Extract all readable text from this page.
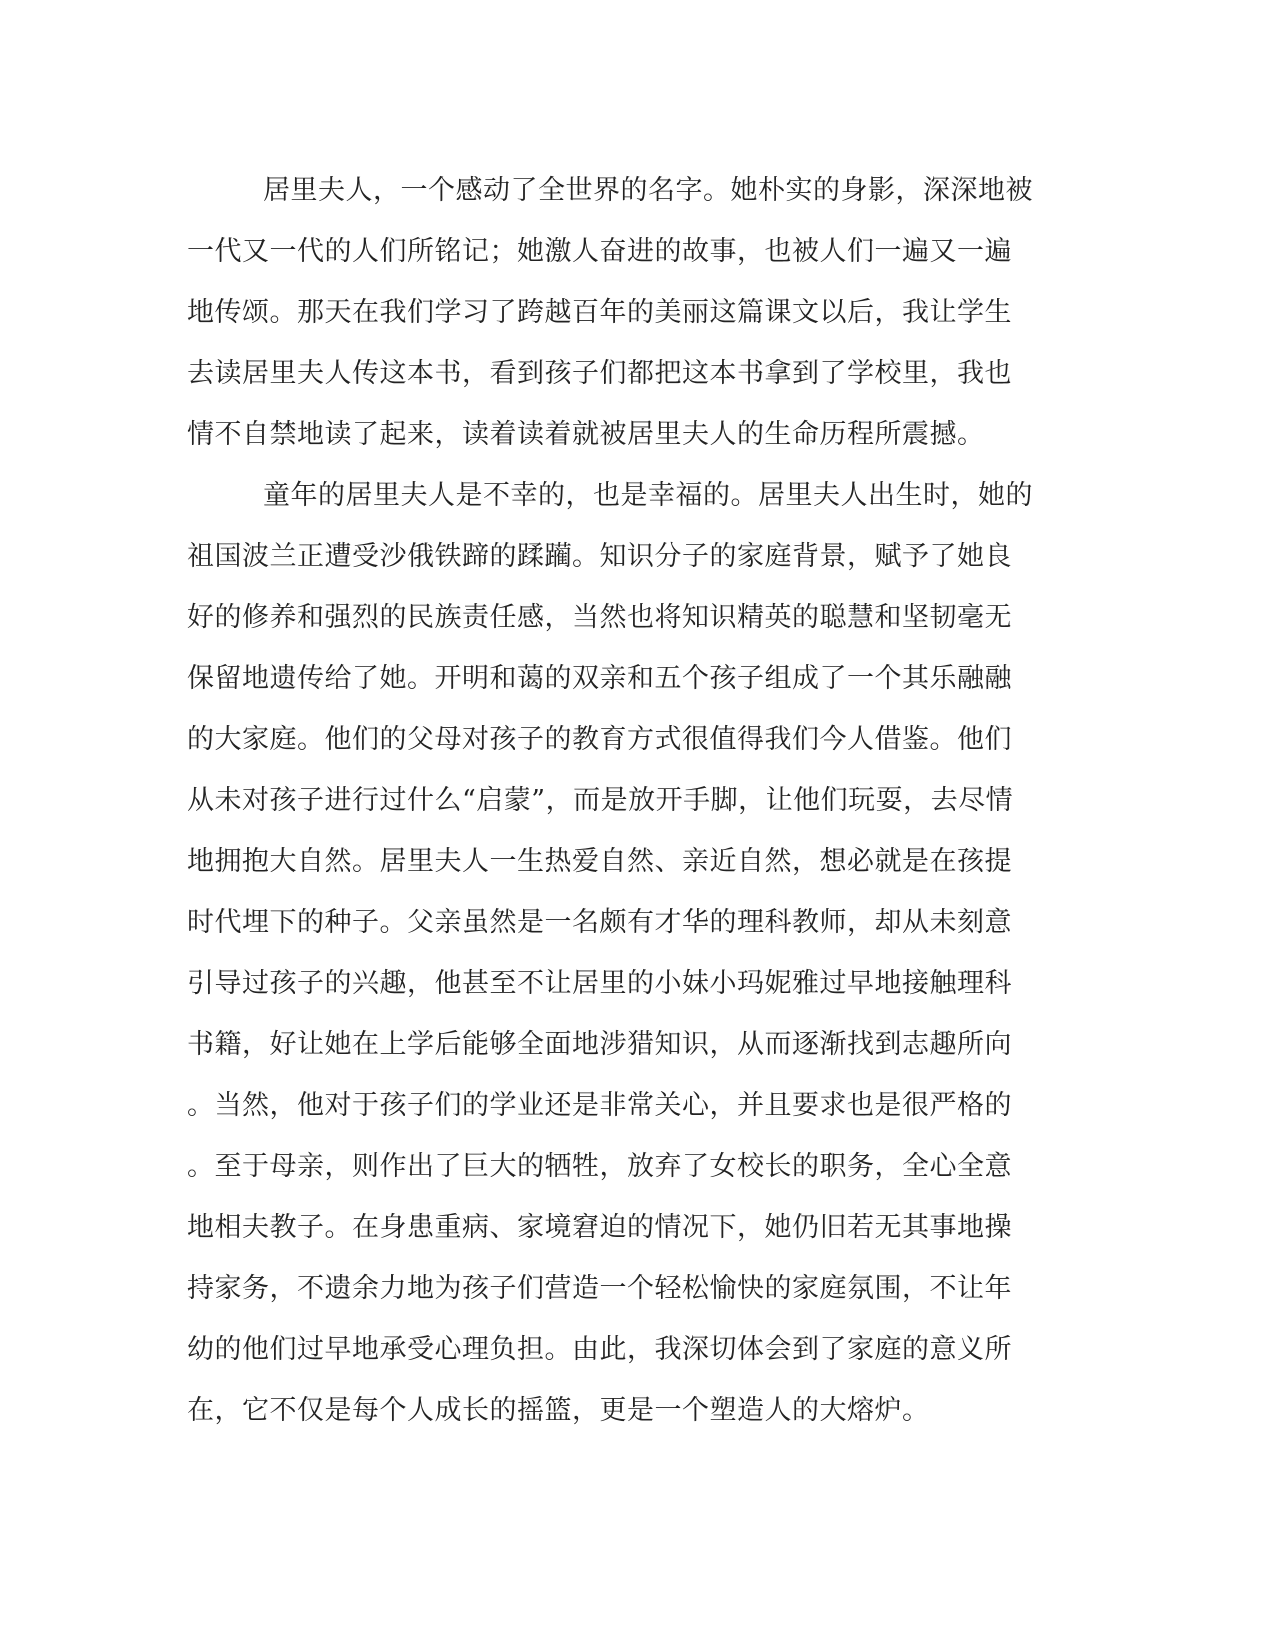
居里夫人，一个感动了全世界的名字。她朴实的身影，深深地被
一代又一代的人们所铭记；她激人奋进的故事，也被人们一遍又一遍
地传颂。那天在我们学习了跨越百年的美丽这篇课文以后，我让学生
去读居里夫人传这本书，看到孩子们都把这本书拿到了学校里，我也
情不自禁地读了起来，读着读着就被居里夫人的生命历程所震撼。
童年的居里夫人是不幸的，也是幸福的。居里夫人出生时，她的
祖国波兰正遭受沙俄铁蹄的蹂躏。知识分子的家庭背景，赋予了她良
好的修养和强烈的民族责任感，当然也将知识精英的聪慧和坚韧毫无
保留地遗传给了她。开明和蔼的双亲和五个孩子组成了一个其乐融融
的大家庭。他们的父母对孩子的教育方式很值得我们今人借鉴。他们
从未对孩子进行过什么“启蒙”，而是放开手脚，让他们玩耍，去尽情
地拥抱大自然。居里夫人一生热爱自然、亲近自然，想必就是在孩提
时代埋下的种子。父亲虽然是一名颇有才华的理科教师，却从未刻意
引导过孩子的兴趣，他甚至不让居里的小妹小玛妮雅过早地接触理科
书籍，好让她在上学后能够全面地涉猎知识，从而逐渐找到志趣所向
。当然，他对于孩子们的学业还是非常关心，并且要求也是很严格的
。至于母亲，则作出了巨大的牺牲，放弃了女校长的职务，全心全意
地相夫教子。在身患重病、家境窘迫的情况下，她仍旧若无其事地操
持家务，不遗余力地为孩子们营造一个轻松愉快的家庭氛围，不让年
幼的他们过早地承受心理负担。由此，我深切体会到了家庭的意义所
在，它不仅是每个人成长的摇篮，更是一个塑造人的大熔炉。
